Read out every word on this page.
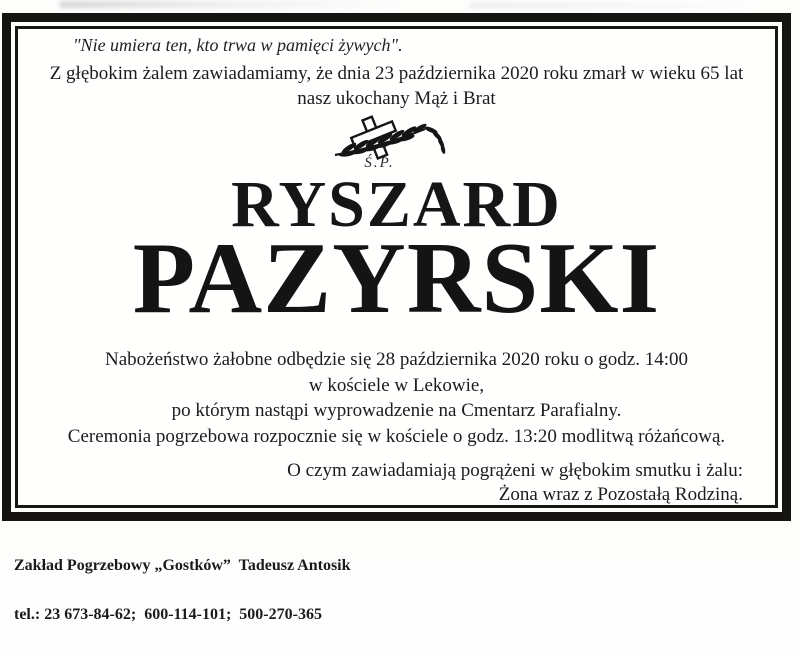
"Nie umiera ten, kto trwa w pamięci żywych".
Z głębokim żalem zawiadamiamy, że dnia 23 października 2020 roku zmarł w wieku 65 lat
nasz ukochany Mąż i Brat
Ś.P.
RYSZARD
PAZYRSKI
Nabożeństwo żałobne odbędzie się 28 października 2020 roku o godz. 14:00
w kościele w Lekowie,
po którym nastąpi wyprowadzenie na Cmentarz Parafialny.
Ceremonia pogrzebowa rozpocznie się w kościele o godz. 13:20 modlitwą różańcową.
O czym zawiadamiają pogrążeni w głębokim smutku i żalu:
Żona wraz z Pozostałą Rodziną.

Zakład Pogrzebowy „Gostków”  Tadeusz Antosik

tel.: 23 673-84-62;  600-114-101;  500-270-365
